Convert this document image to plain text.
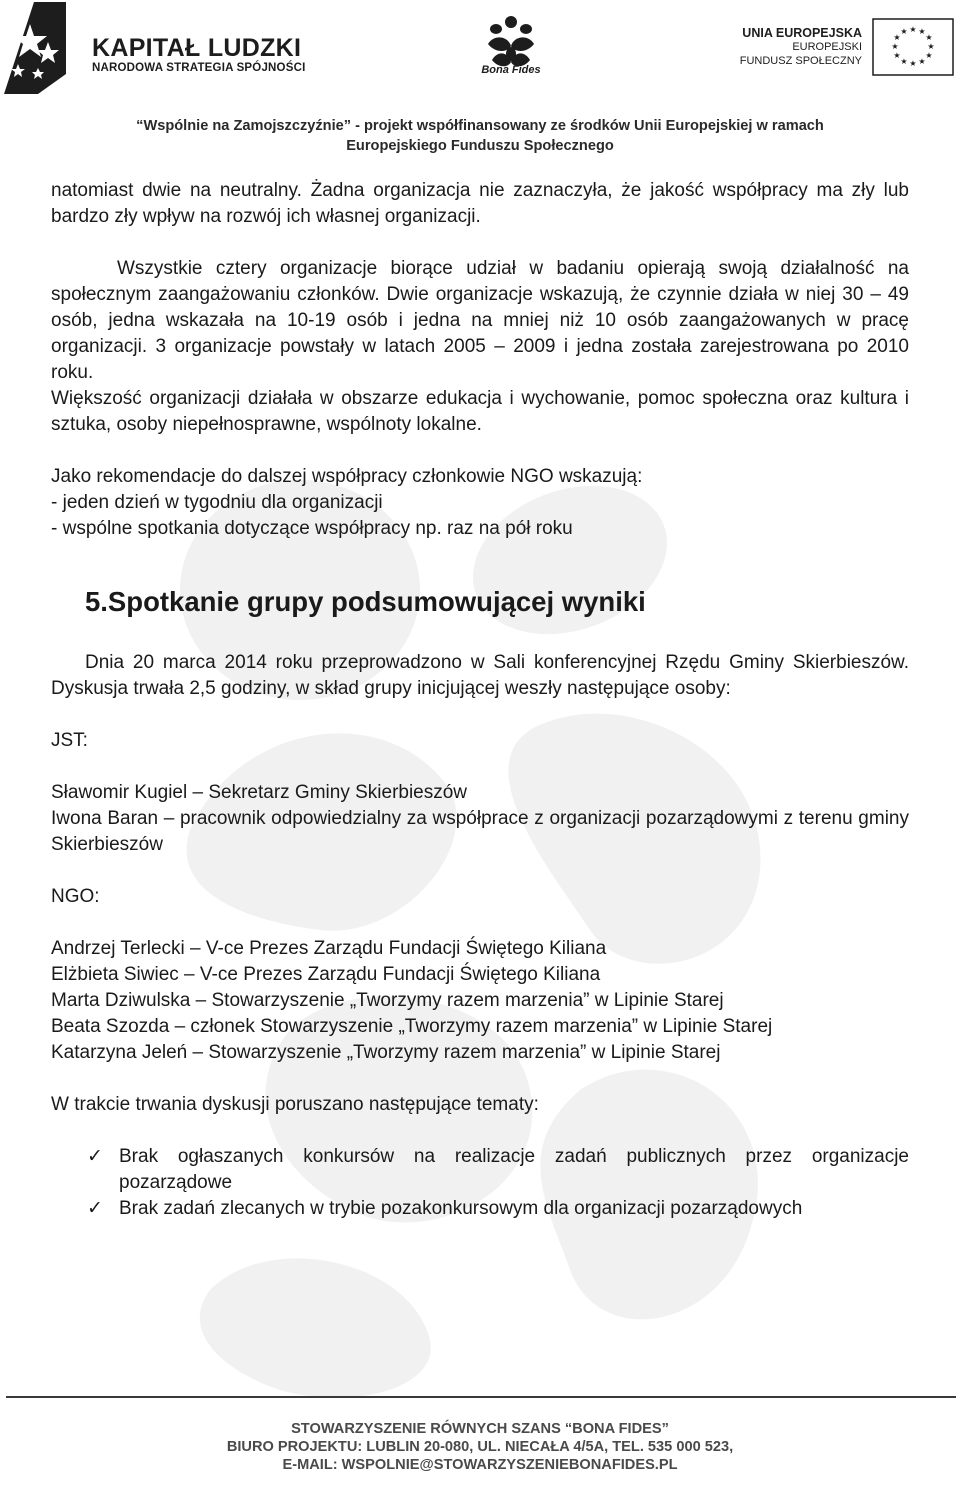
KAPITAŁ LUDZKI
NARODOWA STRATEGIA SPÓJNOŚCI	Bona Fides
UNIA EUROPEJSKA
EUROPEJSKI
FUNDUSZ SPOŁECZNY
★ ★
★
★
★
★
★
★
★
★
★
★
“Wspólnie na Zamojszczyźnie” - projekt współfinansowany ze środków Unii Europejskiej w ramach
Europejskiego Funduszu Społecznego

natomiast dwie na neutralny. Żadna organizacja nie zaznaczyła, że jakość współpracy ma zły lub bardzo zły wpływ na rozwój ich własnej organizacji.

Wszystkie cztery organizacje biorące udział w badaniu opierają swoją działalność na społecznym zaangażowaniu członków. Dwie organizacje wskazują, że czynnie działa w niej 30 – 49 osób, jedna wskazała na 10-19 osób i jedna na mniej niż 10 osób zaangażowanych w pracę organizacji. 3 organizacje powstały w latach 2005 – 2009 i jedna została zarejestrowana po 2010 roku.

Większość organizacji działała w obszarze edukacja i wychowanie, pomoc społeczna oraz kultura i sztuka, osoby niepełnosprawne, wspólnoty lokalne.

Jako rekomendacje do dalszej współpracy członkowie NGO wskazują:

- jeden dzień w tygodniu dla organizacji

- wspólne spotkania dotyczące współpracy np. raz na pół roku

5.Spotkanie grupy podsumowującej wyniki

Dnia 20 marca 2014 roku przeprowadzono w Sali konferencyjnej Rzędu Gminy Skierbieszów. Dyskusja trwała 2,5 godziny, w skład grupy inicjującej weszły następujące osoby:

JST:

Sławomir Kugiel – Sekretarz Gminy Skierbieszów

Iwona Baran – pracownik odpowiedzialny za współprace z organizacji pozarządowymi z terenu gminy Skierbieszów

NGO:

Andrzej Terlecki – V-ce Prezes Zarządu Fundacji Świętego Kiliana

Elżbieta Siwiec – V-ce Prezes Zarządu Fundacji Świętego Kiliana

Marta Dziwulska – Stowarzyszenie „Tworzymy razem marzenia” w Lipinie Starej

Beata Szozda – członek Stowarzyszenie „Tworzymy razem marzenia” w Lipinie Starej

Katarzyna Jeleń – Stowarzyszenie „Tworzymy razem marzenia” w Lipinie Starej

W trakcie trwania dyskusji poruszano następujące tematy:

✓ Brak ogłaszanych konkursów na realizacje zadań publicznych przez organizacje pozarządowe
✓ Brak zadań zlecanych w trybie pozakonkursowym dla organizacji pozarządowych
STOWARZYSZENIE RÓWNYCH SZANS “BONA FIDES”
BIURO PROJEKTU: LUBLIN 20-080, UL. NIECAŁA 4/5A, TEL. 535 000 523,
E-MAIL: WSPOLNIE@STOWARZYSZENIEBONAFIDES.PL
